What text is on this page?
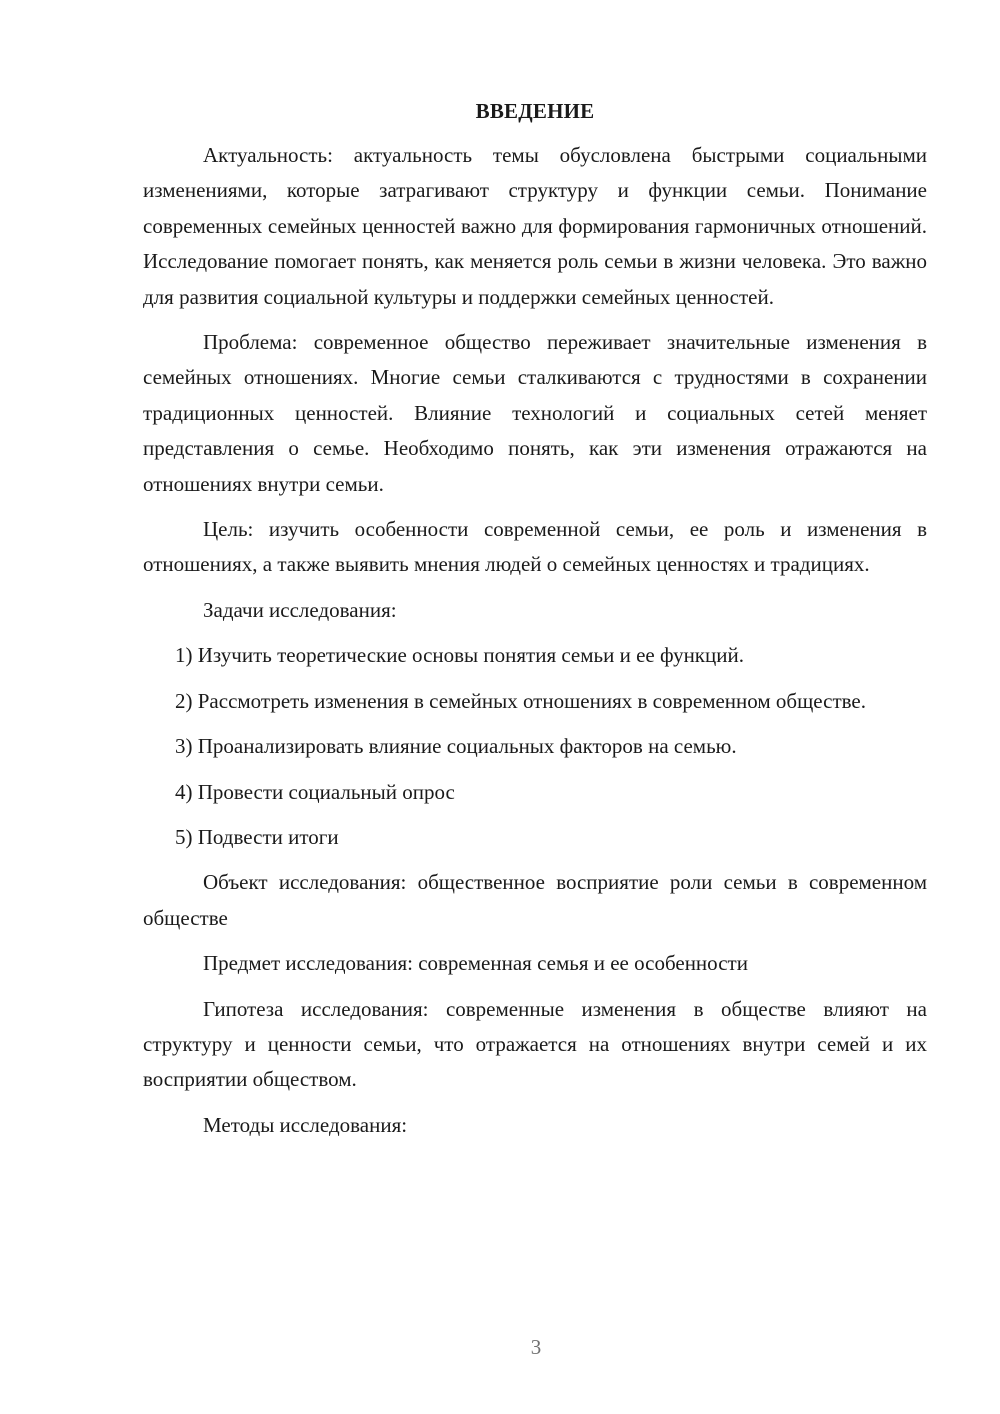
ВВЕДЕНИЕ

Актуальность: актуальность темы обусловлена быстрыми социальными изменениями, которые затрагивают структуру и функции семьи. Понимание современных семейных ценностей важно для формирования гармоничных отношений. Исследование помогает понять, как меняется роль семьи в жизни человека. Это важно для развития социальной культуры и поддержки семейных ценностей.

Проблема: современное общество переживает значительные изменения в семейных отношениях. Многие семьи сталкиваются с трудностями в сохранении традиционных ценностей. Влияние технологий и социальных сетей меняет представления о семье. Необходимо понять, как эти изменения отражаются на отношениях внутри семьи.

Цель: изучить особенности современной семьи, ее роль и изменения в отношениях, а также выявить мнения людей о семейных ценностях и традициях.

Задачи исследования:

1) Изучить теоретические основы понятия семьи и ее функций.

2) Рассмотреть изменения в семейных отношениях в современном обществе.

3) Проанализировать влияние социальных факторов на семью.

4) Провести социальный опрос

5) Подвести итоги

Объект исследования: общественное восприятие роли семьи в современном обществе

Предмет исследования: современная семья и ее особенности

Гипотеза исследования: современные изменения в обществе влияют на структуру и ценности семьи, что отражается на отношениях внутри семей и их восприятии обществом.

Методы исследования:

3
